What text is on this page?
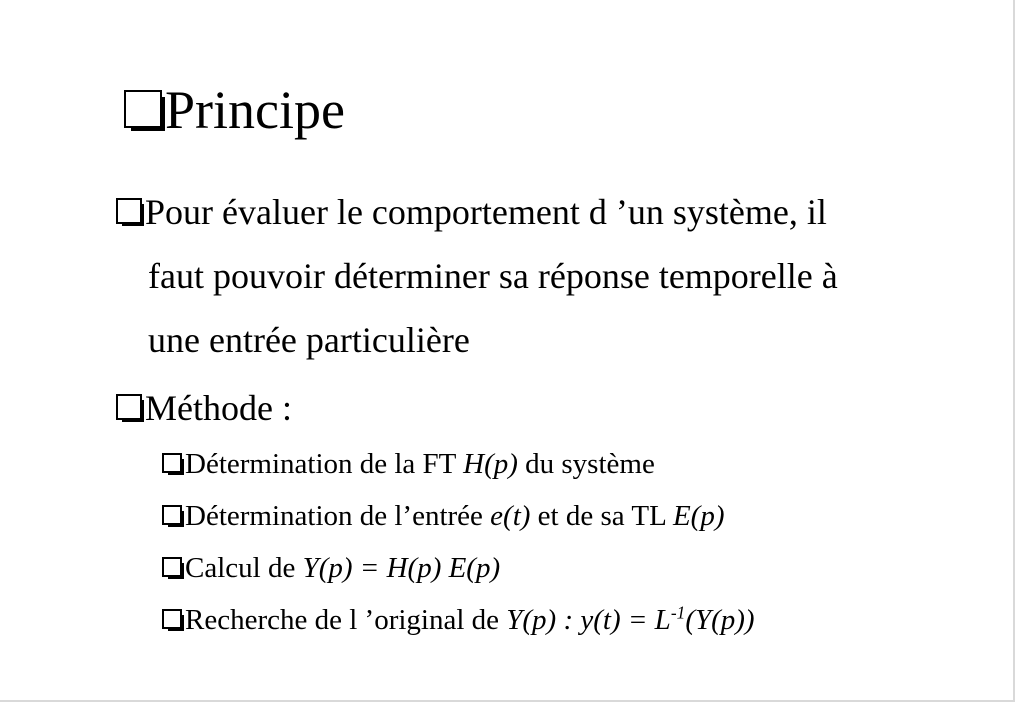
Principe
Pour évaluer le comportement d ’un système, il
faut pouvoir déterminer sa réponse temporelle à
une entrée particulière
Méthode :
Détermination de la FT H(p) du système
Détermination de l’entrée e(t) et de sa TL E(p)
Calcul de Y(p) = H(p) E(p)
Recherche de l ’original de Y(p) : $y(t) = L^{-1}(Y(p))$
